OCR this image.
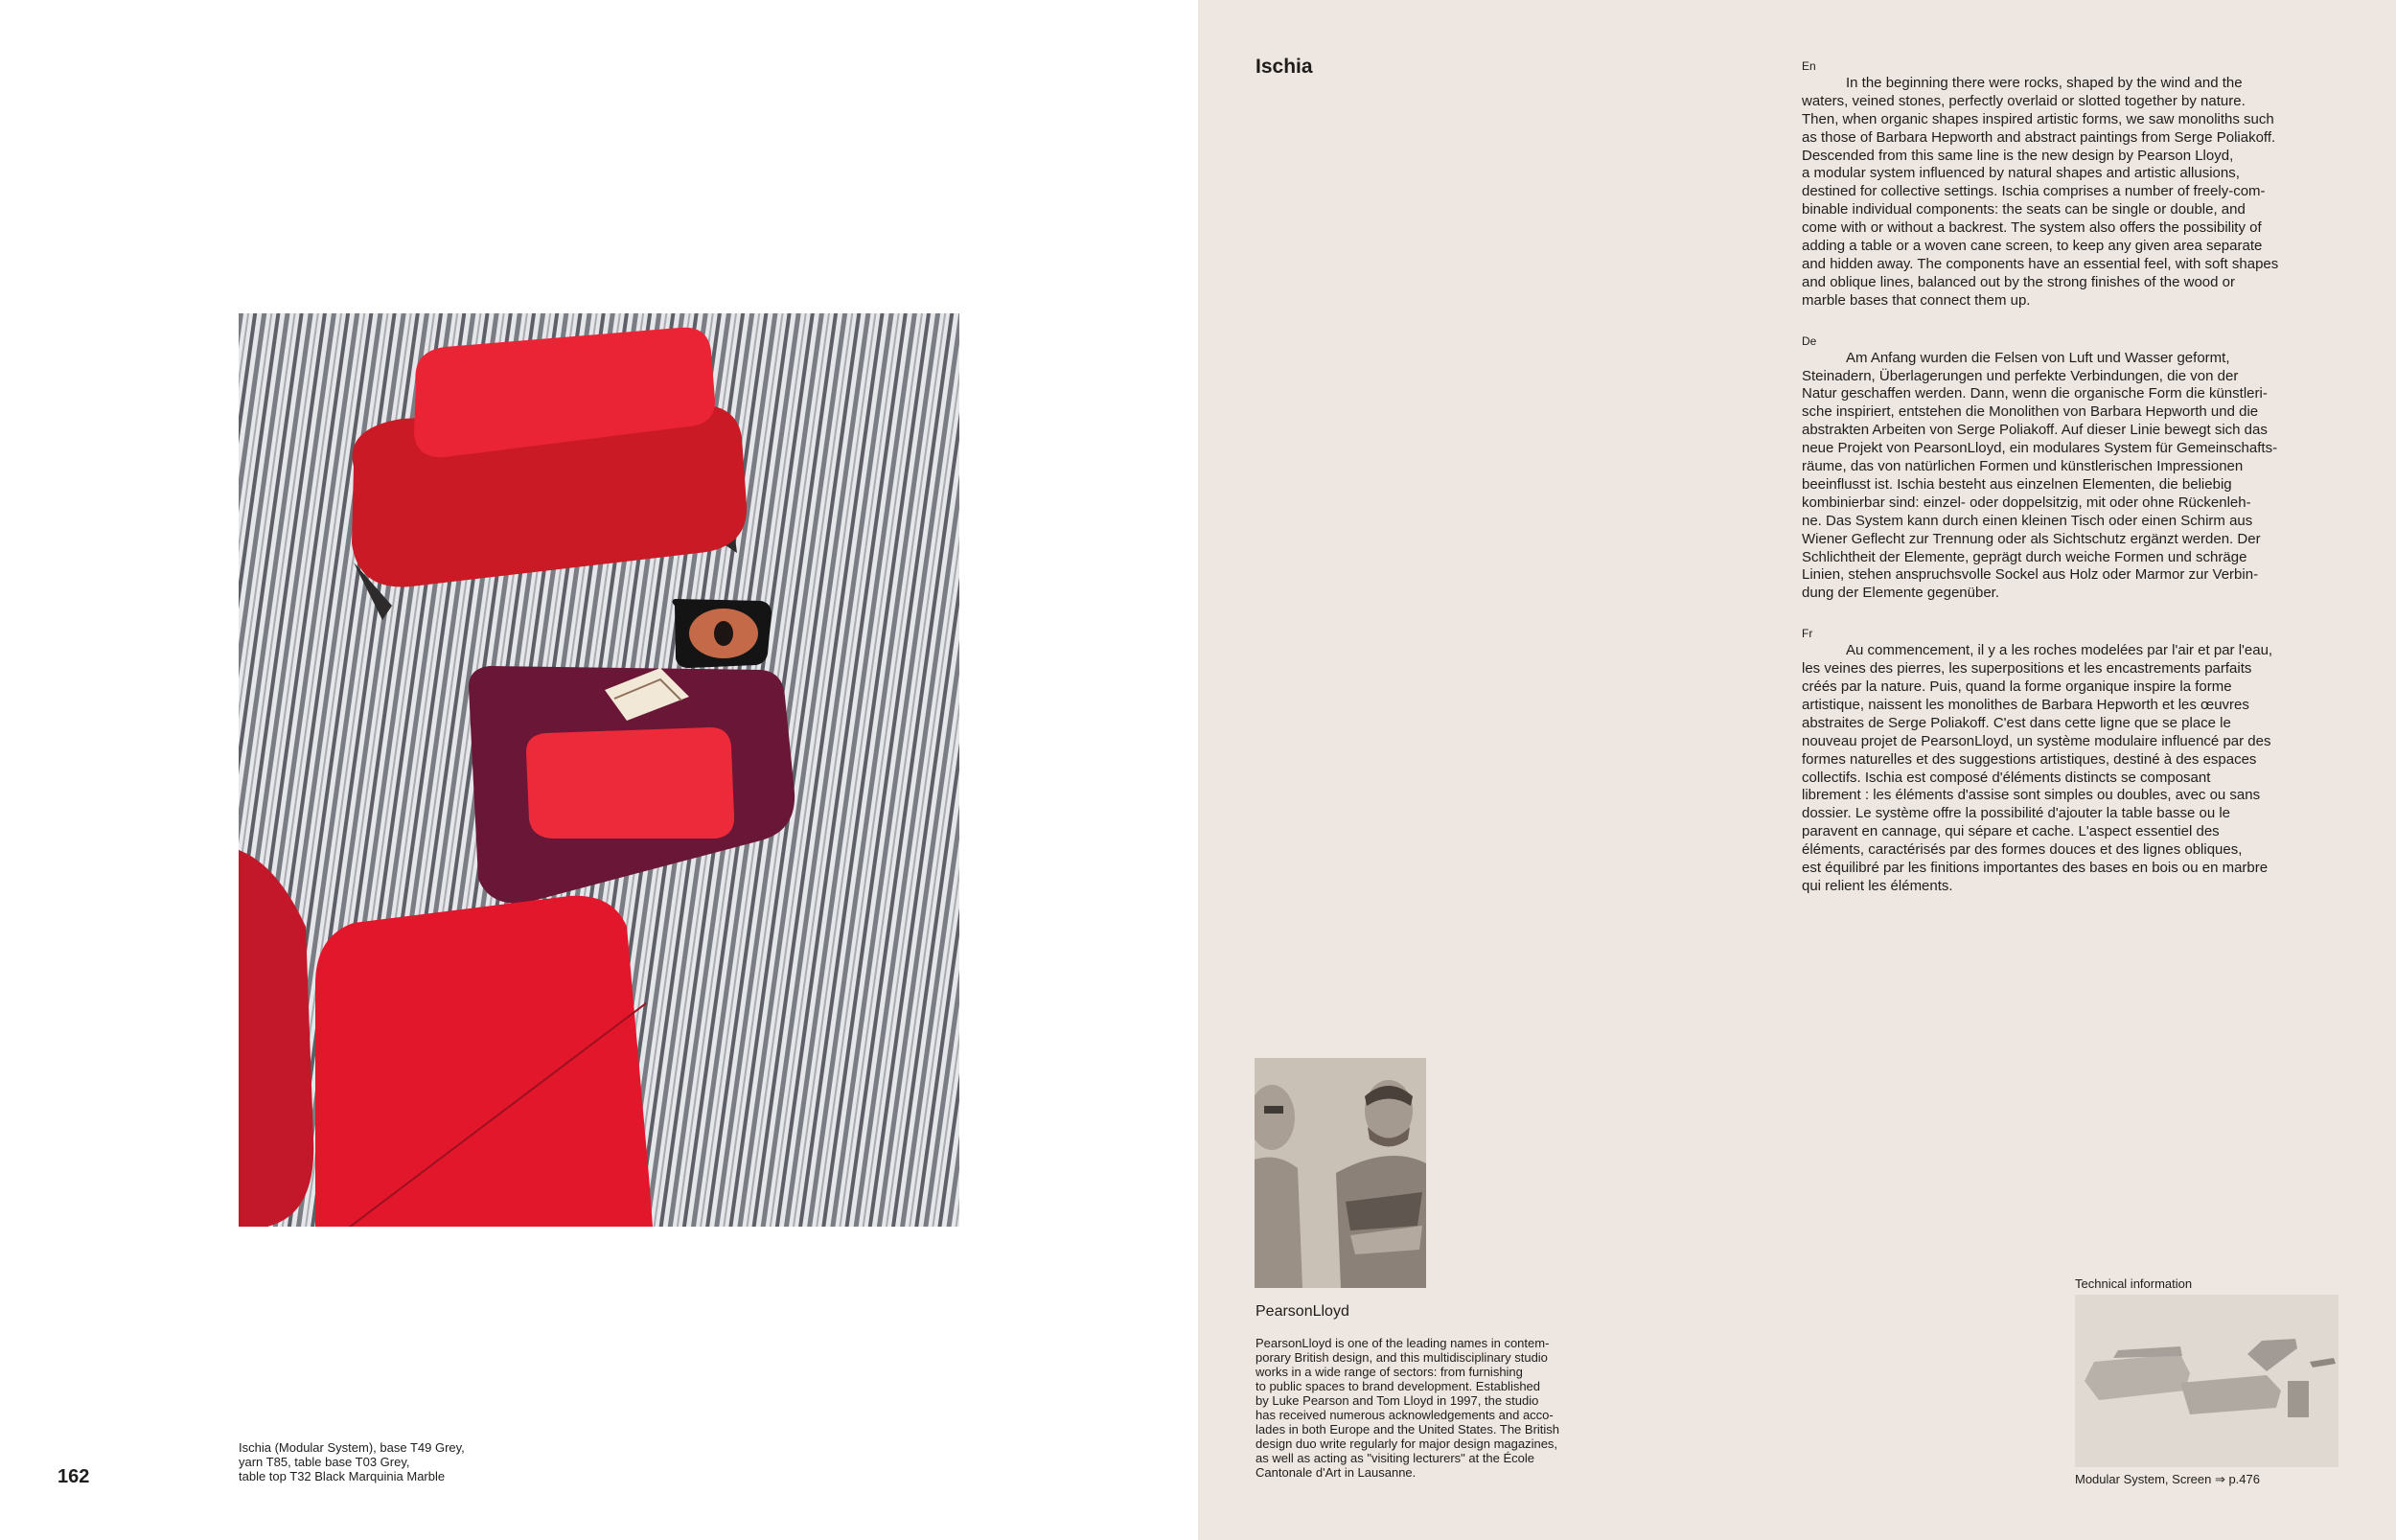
Ischia (Modular System), base T49 Grey,
yarn T85, table base T03 Grey,
table top T32 Black Marquinia Marble
162
Ischia	En
In the beginning there were rocks, shaped by the wind and the
waters, veined stones, perfectly overlaid or slotted together by nature.
Then, when organic shapes inspired artistic forms, we saw monoliths such
as those of Barbara Hepworth and abstract paintings from Serge Poliakoff.
Descended from this same line is the new design by Pearson Lloyd,
a modular system influenced by natural shapes and artistic allusions,
destined for collective settings. Ischia comprises a number of freely-com-
binable individual components: the seats can be single or double, and
come with or without a backrest. The system also offers the possibility of
adding a table or a woven cane screen, to keep any given area separate
and hidden away. The components have an essential feel, with soft shapes
and oblique lines, balanced out by the strong finishes of the wood or
marble bases that connect them up.

De
Am Anfang wurden die Felsen von Luft und Wasser geformt,
Steinadern, Überlagerungen und perfekte Verbindungen, die von der
Natur geschaffen werden. Dann, wenn die organische Form die künstleri-
sche inspiriert, entstehen die Monolithen von Barbara Hepworth und die
abstrakten Arbeiten von Serge Poliakoff. Auf dieser Linie bewegt sich das
neue Projekt von PearsonLloyd, ein modulares System für Gemeinschafts-
räume, das von natürlichen Formen und künstlerischen Impressionen
beeinflusst ist. Ischia besteht aus einzelnen Elementen, die beliebig
kombinierbar sind: einzel- oder doppelsitzig, mit oder ohne Rückenleh-
ne. Das System kann durch einen kleinen Tisch oder einen Schirm aus
Wiener Geflecht zur Trennung oder als Sichtschutz ergänzt werden. Der
Schlichtheit der Elemente, geprägt durch weiche Formen und schräge
Linien, stehen anspruchsvolle Sockel aus Holz oder Marmor zur Verbin-
dung der Elemente gegenüber.

Fr
Au commencement, il y a les roches modelées par l'air et par l'eau,
les veines des pierres, les superpositions et les encastrements parfaits
créés par la nature. Puis, quand la forme organique inspire la forme
artistique, naissent les monolithes de Barbara Hepworth et les œuvres
abstraites de Serge Poliakoff. C'est dans cette ligne que se place le
nouveau projet de PearsonLloyd, un système modulaire influencé par des
formes naturelles et des suggestions artistiques, destiné à des espaces
collectifs. Ischia est composé d'éléments distincts se composant
librement : les éléments d'assise sont simples ou doubles, avec ou sans
dossier. Le système offre la possibilité d'ajouter la table basse ou le
paravent en cannage, qui sépare et cache. L'aspect essentiel des
éléments, caractérisés par des formes douces et des lignes obliques,
est équilibré par les finitions importantes des bases en bois ou en marbre
qui relient les éléments.
PearsonLloyd
PearsonLloyd is one of the leading names in contem-
porary British design, and this multidisciplinary studio
works in a wide range of sectors: from furnishing
to public spaces to brand development. Established
by Luke Pearson and Tom Lloyd in 1997, the studio
has received numerous acknowledgements and acco-
lades in both Europe and the United States. The British
design duo write regularly for major design magazines,
as well as acting as "visiting lecturers" at the École
Cantonale d'Art in Lausanne.
Technical information
Modular System, Screen ⇒ p.476
